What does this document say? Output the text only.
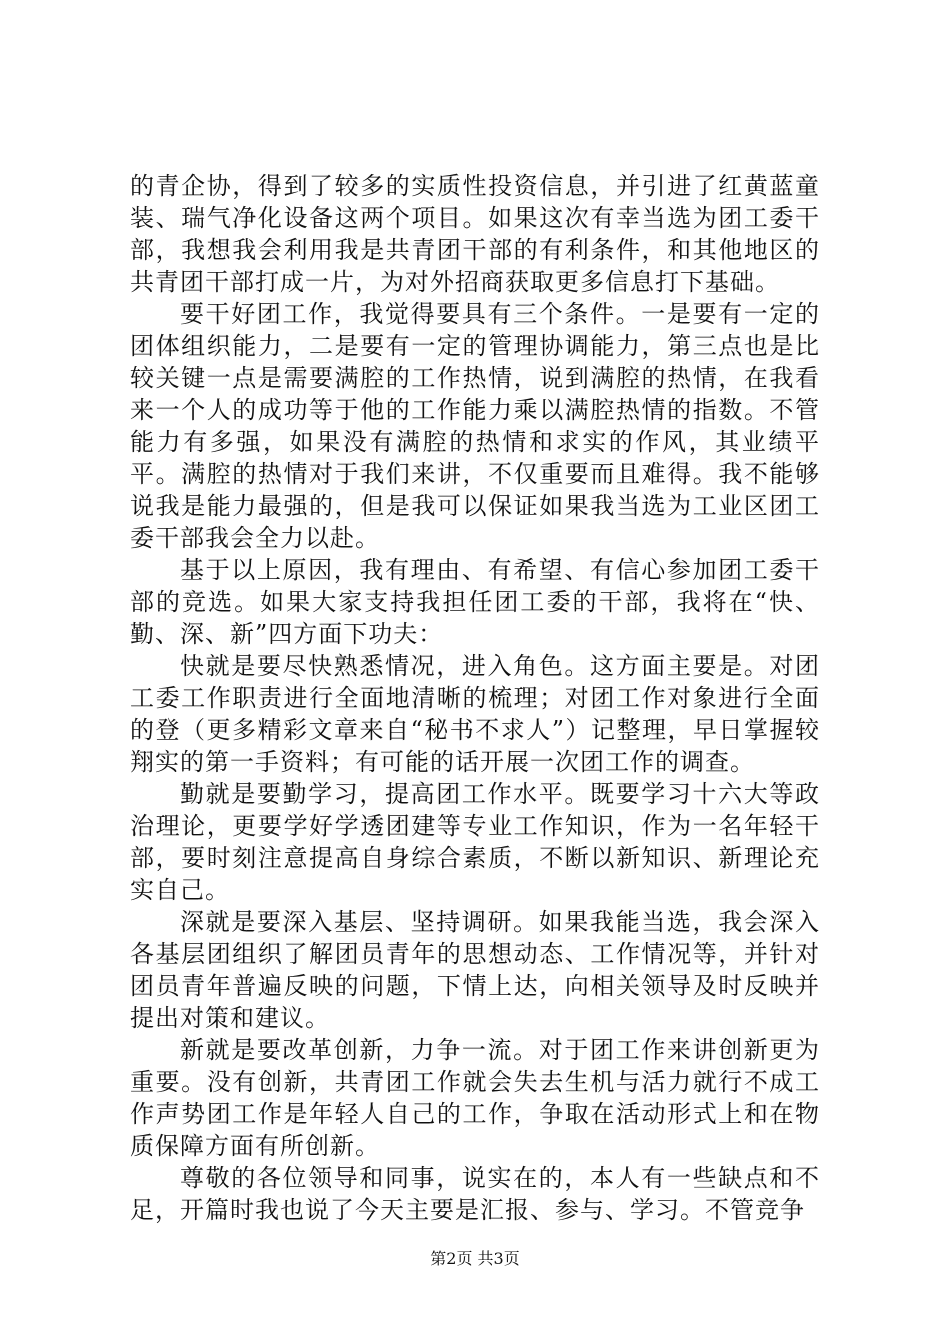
的青企协，得到了较多的实质性投资信息，并引进了红黄蓝童装、瑞气净化设备这两个项目。如果这次有幸当选为团工委干部，我想我会利用我是共青团干部的有利条件，和其他地区的共青团干部打成一片，为对外招商获取更多信息打下基础。

要干好团工作，我觉得要具有三个条件。一是要有一定的团体组织能力，二是要有一定的管理协调能力，第三点也是比较关键一点是需要满腔的工作热情，说到满腔的热情，在我看来一个人的成功等于他的工作能力乘以满腔热情的指数。不管能力有多强，如果没有满腔的热情和求实的作风，其业绩平平。满腔的热情对于我们来讲，不仅重要而且难得。我不能够说我是能力最强的，但是我可以保证如果我当选为工业区团工委干部我会全力以赴。

基于以上原因，我有理由、有希望、有信心参加团工委干部的竞选。如果大家支持我担任团工委的干部，我将在“快、勤、深、新”四方面下功夫：

快就是要尽快熟悉情况，进入角色。这方面主要是。对团工委工作职责进行全面地清晰的梳理；对团工作对象进行全面的登（更多精彩文章来自“秘书不求人”）记整理，早日掌握较翔实的第一手资料；有可能的话开展一次团工作的调查。

勤就是要勤学习，提高团工作水平。既要学习十六大等政治理论，更要学好学透团建等专业工作知识，作为一名年轻干部，要时刻注意提高自身综合素质，不断以新知识、新理论充实自己。

深就是要深入基层、坚持调研。如果我能当选，我会深入各基层团组织了解团员青年的思想动态、工作情况等，并针对团员青年普遍反映的问题，下情上达，向相关领导及时反映并提出对策和建议。

新就是要改革创新，力争一流。对于团工作来讲创新更为重要。没有创新，共青团工作就会失去生机与活力就行不成工作声势团工作是年轻人自己的工作，争取在活动形式上和在物质保障方面有所创新。

尊敬的各位领导和同事，说实在的，本人有一些缺点和不足，开篇时我也说了今天主要是汇报、参与、学习。不管竞争

第2页 共3页
